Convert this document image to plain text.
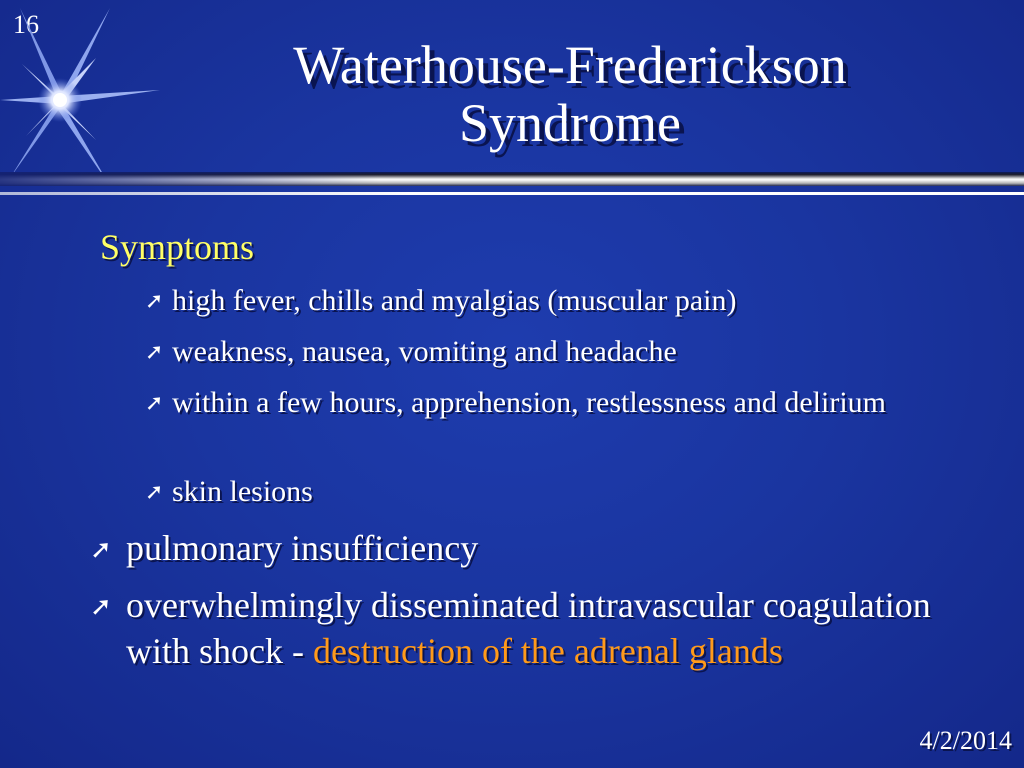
16
Waterhouse-Frederickson
Syndrome
Symptoms
➚ high fever, chills and myalgias (muscular pain)
➚ weakness, nausea, vomiting and headache
➚ within a few hours, apprehension, restlessness and delirium
➚ skin lesions
➚ pulmonary insufficiency
➚ overwhelmingly disseminated intravascular coagulation with shock - destruction of the adrenal glands
4/2/2014
